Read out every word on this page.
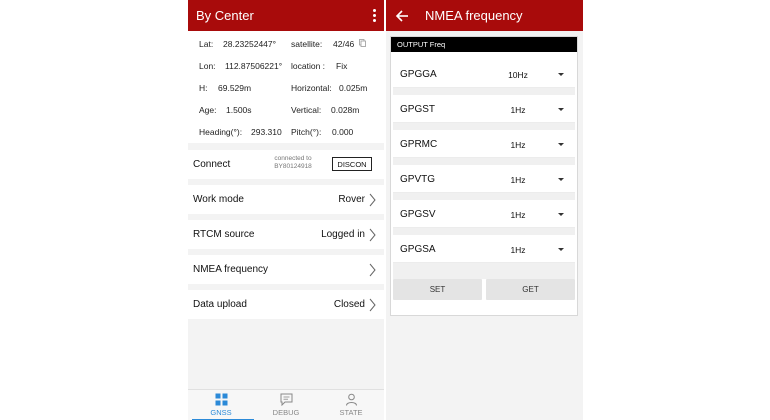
By Center
Lat: 28.23252447° satellite: 42/46
Lon: 112.87506221° location : Fix
H: 69.529m	Horizontal: 0.025m
Age: 1.500s	Vertical: 0.028m
Heading(°): 293.310 Pitch(°): 0.000
Connect
connected to
BY80124918	DISCON
Work mode	Rover
RTCM source	Logged in
NMEA frequency
Data upload	Closed
GNSS	DEBUG	STATE
NMEA frequency
OUTPUT Freq
GPGGA	10Hz
GPGST	1Hz
GPRMC	1Hz
GPVTG	1Hz
GPGSV	1Hz
GPGSA	1Hz
SET	GET
